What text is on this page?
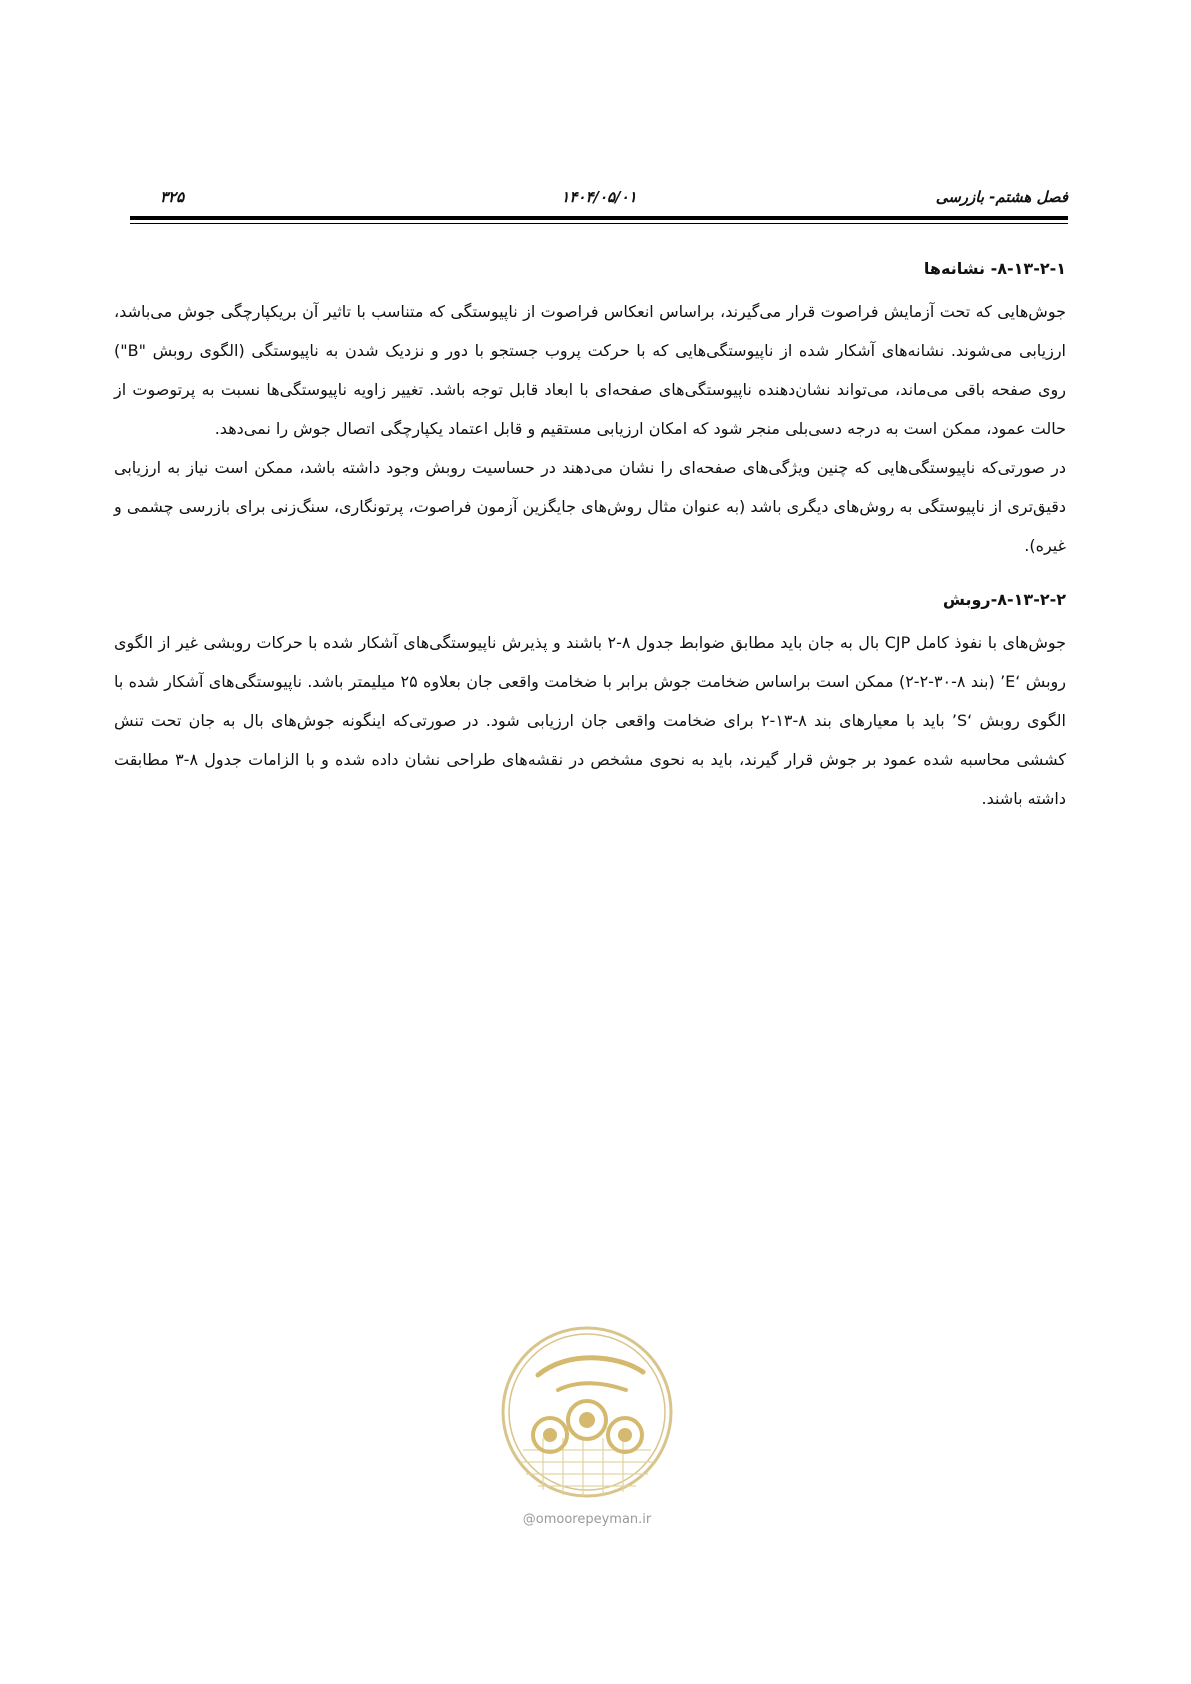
فصل هشتم- بازرسی
۱۴۰۴/۰۵/۰۱
۳۲۵
۸-۱۳-۲-۱- نشانه‌ها

جوش‌هایی که تحت آزمایش فراصوت قرار می‌گیرند، براساس انعکاس فراصوت از ناپیوستگی که متناسب با تاثیر آن بریکپارچگی جوش می‌باشد، ارزیابی می‌شوند. نشانه‌های آشکار شده از ناپیوستگی‌هایی که با حرکت پروب جستجو با دور و نزدیک شدن به ناپیوستگی (الگوی روبش "B") روی صفحه باقی می‌ماند، می‌تواند نشان‌دهنده ناپیوستگی‌های صفحه‌ای با ابعاد قابل توجه باشد. تغییر زاویه ناپیوستگی‌ها نسبت به پرتوصوت از حالت عمود، ممکن است به درجه دسی‌بلی منجر شود که امکان ارزیابی مستقیم و قابل اعتماد یکپارچگی اتصال جوش را نمی‌دهد.

در صورتی‌که ناپیوستگی‌هایی که چنین ویژگی‌های صفحه‌ای را نشان می‌دهند در حساسیت روبش وجود داشته باشد، ممکن است نیاز به ارزیابی دقیق‌تری از ناپیوستگی به روش‌های دیگری باشد (به عنوان مثال روش‌های جایگزین آزمون فراصوت، پرتونگاری، سنگ‌زنی برای بازرسی چشمی و غیره).

۸-۱۳-۲-۲-روبش

جوش‌های با نفوذ کامل CJP بال به جان باید مطابق ضوابط جدول ۸-۲ باشند و پذیرش ناپیوستگی‌های آشکار شده با حرکات روبشی غیر از الگوی روبش ‘E’ (بند ۸-۳۰-۲-۲) ممکن است براساس ضخامت جوش برابر با ضخامت واقعی جان بعلاوه ۲۵ میلیمتر باشد. ناپیوستگی‌های آشکار شده با الگوی روبش ‘S’ باید با معیارهای بند ۸-۱۳-۲ برای ضخامت واقعی جان ارزیابی شود. در صورتی‌که اینگونه جوش‌های بال به جان تحت تنش کششی محاسبه شده عمود بر جوش قرار گیرند، باید به نحوی مشخص در نقشه‌های طراحی نشان داده شده و با الزامات جدول ۸-۳ مطابقت داشته باشند.

@omoorepeyman.ir
